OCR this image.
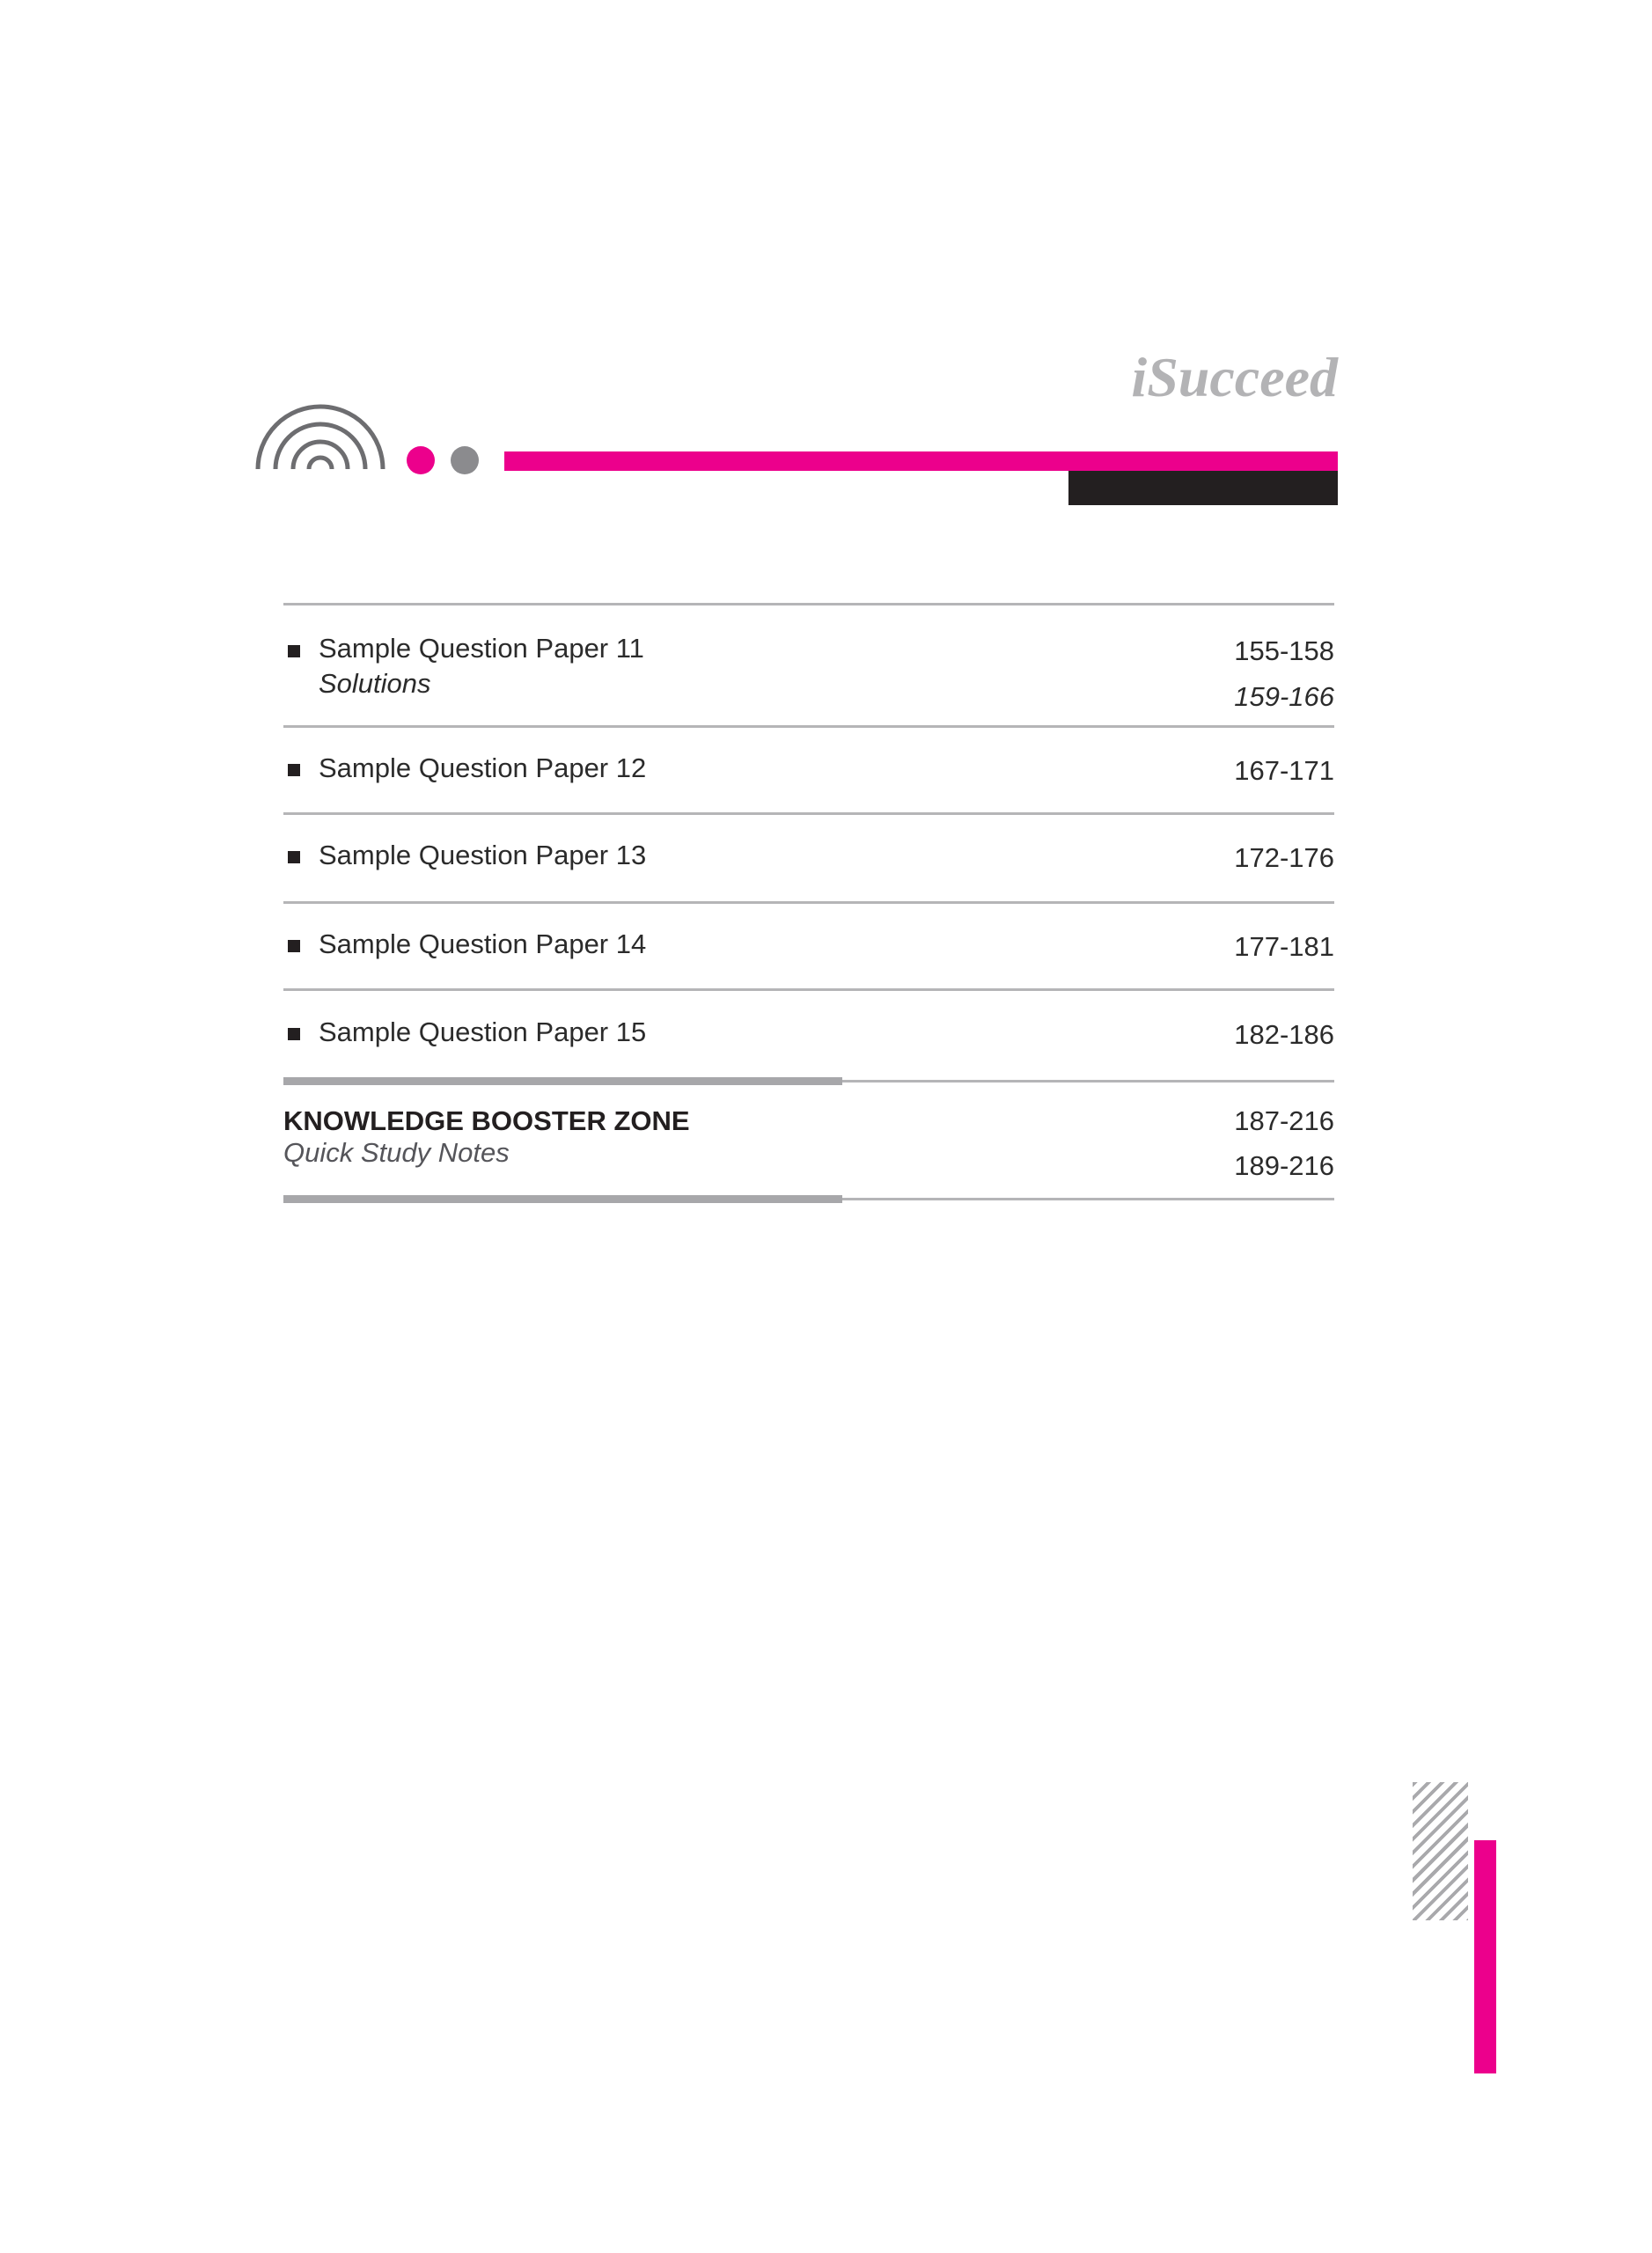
iSucceed
Sample Question Paper 11	155-158
Solutions	159-166
Sample Question Paper 12	167-171
Sample Question Paper 13	172-176
Sample Question Paper 14	177-181
Sample Question Paper 15	182-186
KNOWLEDGE BOOSTER ZONE	187-216
Quick Study Notes	189-216
